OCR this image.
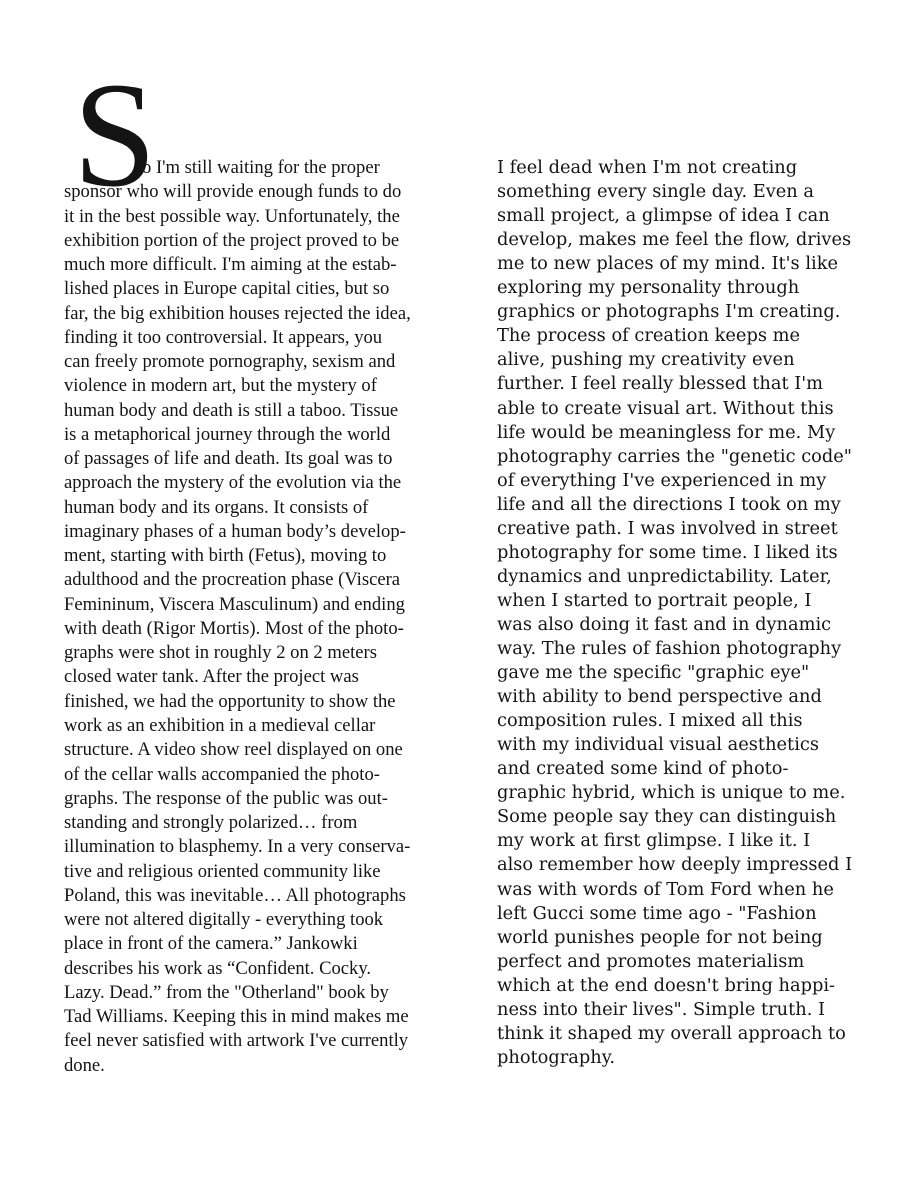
S
o I'm still waiting for the proper
sponsor who will provide enough funds to do
it in the best possible way. Unfortunately, the
exhibition portion of the project proved to be
much more difficult. I'm aiming at the estab-
lished places in Europe capital cities, but so
far, the big exhibition houses rejected the idea,
finding it too controversial. It appears, you
can freely promote pornography, sexism and
violence in modern art, but the mystery of
human body and death is still a taboo. Tissue
is a metaphorical journey through the world
of passages of life and death. Its goal was to
approach the mystery of the evolution via the
human body and its organs. It consists of
imaginary phases of a human body’s develop-
ment, starting with birth (Fetus), moving to
adulthood and the procreation phase (Viscera
Femininum, Viscera Masculinum) and ending
with death (Rigor Mortis). Most of the photo-
graphs were shot in roughly 2 on 2 meters
closed water tank. After the project was
finished, we had the opportunity to show the
work as an exhibition in a medieval cellar
structure. A video show reel displayed on one
of the cellar walls accompanied the photo-
graphs. The response of the public was out-
standing and strongly polarized… from
illumination to blasphemy. In a very conserva-
tive and religious oriented community like
Poland, this was inevitable… All photographs
were not altered digitally - everything took
place in front of the camera.” Jankowki
describes his work as “Confident. Cocky.
Lazy. Dead.” from the "Otherland" book by
Tad Williams. Keeping this in mind makes me
feel never satisfied with artwork I've currently
done.
I feel dead when I'm not creating
something every single day. Even a
small project, a glimpse of idea I can
develop, makes me feel the flow, drives
me to new places of my mind. It's like
exploring my personality through
graphics or photographs I'm creating.
The process of creation keeps me
alive, pushing my creativity even
further. I feel really blessed that I'm
able to create visual art. Without this
life would be meaningless for me. My
photography carries the "genetic code"
of everything I've experienced in my
life and all the directions I took on my
creative path. I was involved in street
photography for some time. I liked its
dynamics and unpredictability. Later,
when I started to portrait people, I
was also doing it fast and in dynamic
way. The rules of fashion photography
gave me the specific "graphic eye"
with ability to bend perspective and
composition rules. I mixed all this
with my individual visual aesthetics
and created some kind of photo-
graphic hybrid, which is unique to me.
Some people say they can distinguish
my work at first glimpse. I like it. I
also remember how deeply impressed I
was with words of Tom Ford when he
left Gucci some time ago - "Fashion
world punishes people for not being
perfect and promotes materialism
which at the end doesn't bring happi-
ness into their lives". Simple truth. I
think it shaped my overall approach to
photography.
